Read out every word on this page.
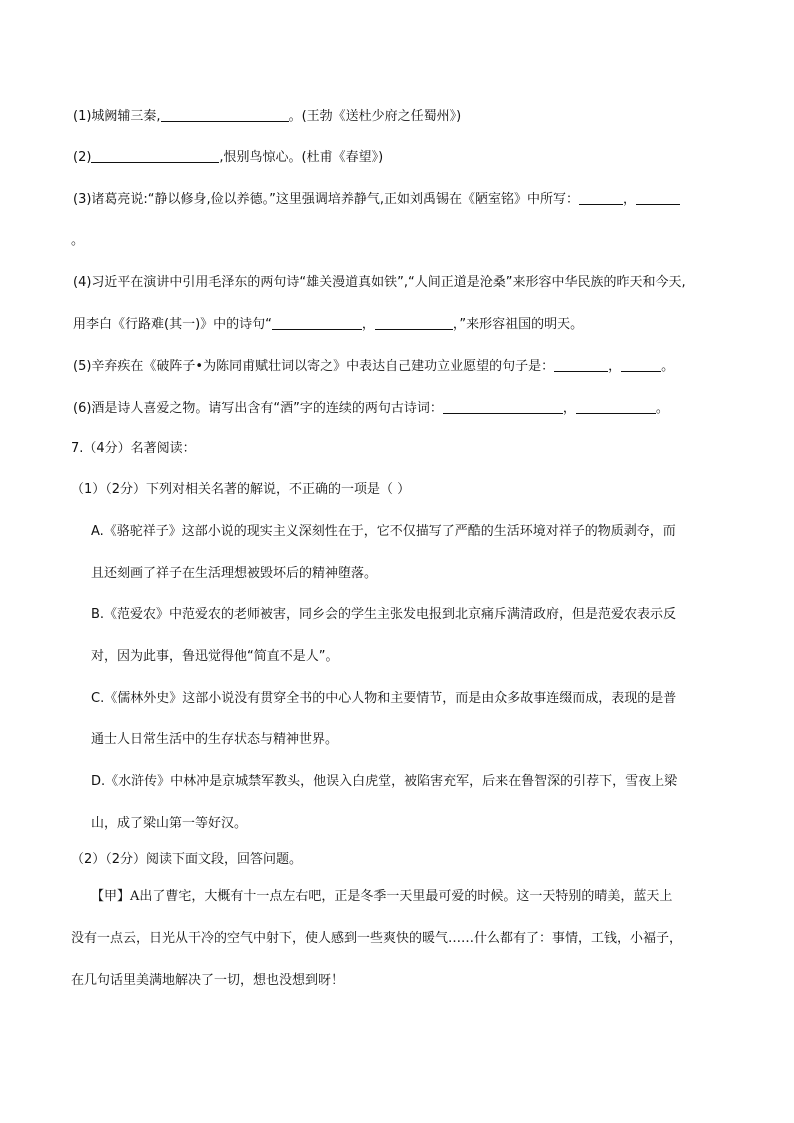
(1)城阙辅三秦,	。(王勃《送杜少府之任蜀州》)
(2)	,恨别鸟惊心。(杜甫《春望》)
(3)诸葛亮说:“静以修身,俭以养德。”这里强调培养静气,正如刘禹锡在《陋室铭》中所写：	，
。
(4)习近平在演讲中引用毛泽东的两句诗“雄关漫道真如铁”,“人间正道是沧桑”来形容中华民族的昨天和今天,
用李白《行路难(其一)》中的诗句“	，	，”来形容祖国的明天。
(5)辛弃疾在《破阵子•为陈同甫赋壮词以寄之》中表达自己建功立业愿望的句子是：	，	。
(6)酒是诗人喜爱之物。请写出含有“酒”字的连续的两句古诗词：	，	。
7.（4分）名著阅读：
（1）（2分）下列对相关名著的解说，不正确的一项是（ ）
A.《骆驼祥子》这部小说的现实主义深刻性在于，它不仅描写了严酷的生活环境对祥子的物质剥夺，而
且还刻画了祥子在生活理想被毁坏后的精神堕落。
B.《范爱农》中范爱农的老师被害，同乡会的学生主张发电报到北京痛斥满清政府，但是范爱农表示反
对，因为此事，鲁迅觉得他“简直不是人”。
C.《儒林外史》这部小说没有贯穿全书的中心人物和主要情节，而是由众多故事连缀而成，表现的是普
通士人日常生活中的生存状态与精神世界。
D.《水浒传》中林冲是京城禁军教头，他误入白虎堂，被陷害充军，后来在鲁智深的引荐下，雪夜上梁
山，成了梁山第一等好汉。
（2）（2分）阅读下面文段，回答问题。
【甲】A出了曹宅，大概有十一点左右吧，正是冬季一天里最可爱的时候。这一天特别的晴美，蓝天上
没有一点云，日光从干冷的空气中射下，使人感到一些爽快的暖气……什么都有了：事情，工钱，小褔子，
在几句话里美满地解决了一切，想也没想到呀！
